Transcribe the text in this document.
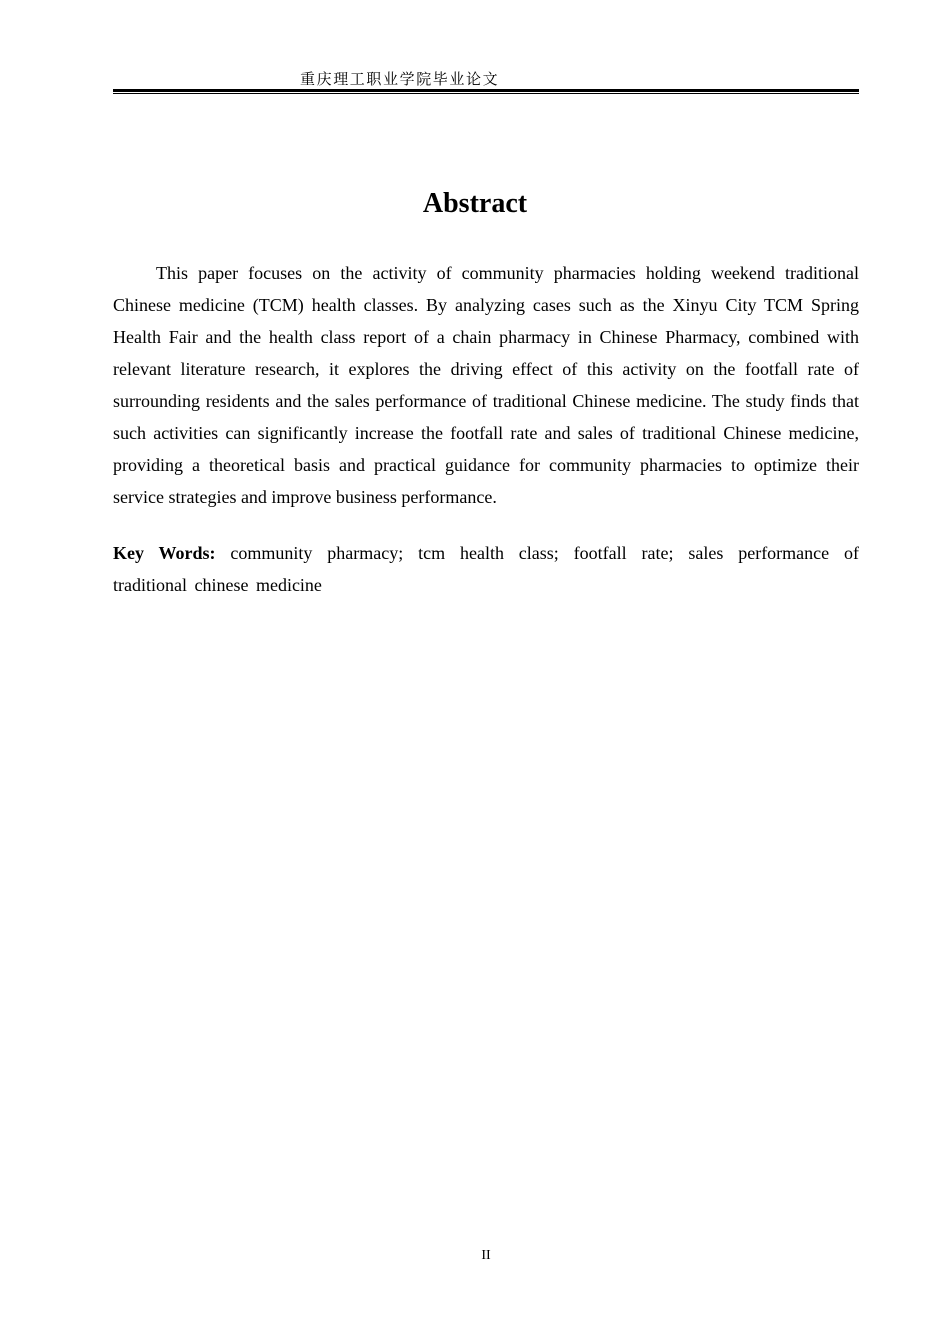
重庆理工职业学院毕业论文
Abstract

This paper focuses on the activity of community pharmacies holding weekend traditional Chinese medicine (TCM) health classes. By analyzing cases such as the Xinyu City TCM Spring Health Fair and the health class report of a chain pharmacy in Chinese Pharmacy, combined with relevant literature research, it explores the driving effect of this activity on the footfall rate of surrounding residents and the sales performance of traditional Chinese medicine. The study finds that such activities can significantly increase the footfall rate and sales of traditional Chinese medicine, providing a theoretical basis and practical guidance for community pharmacies to optimize their service strategies and improve business performance.

Key Words: community pharmacy; tcm health class; footfall rate; sales performance of traditional chinese medicine

II
